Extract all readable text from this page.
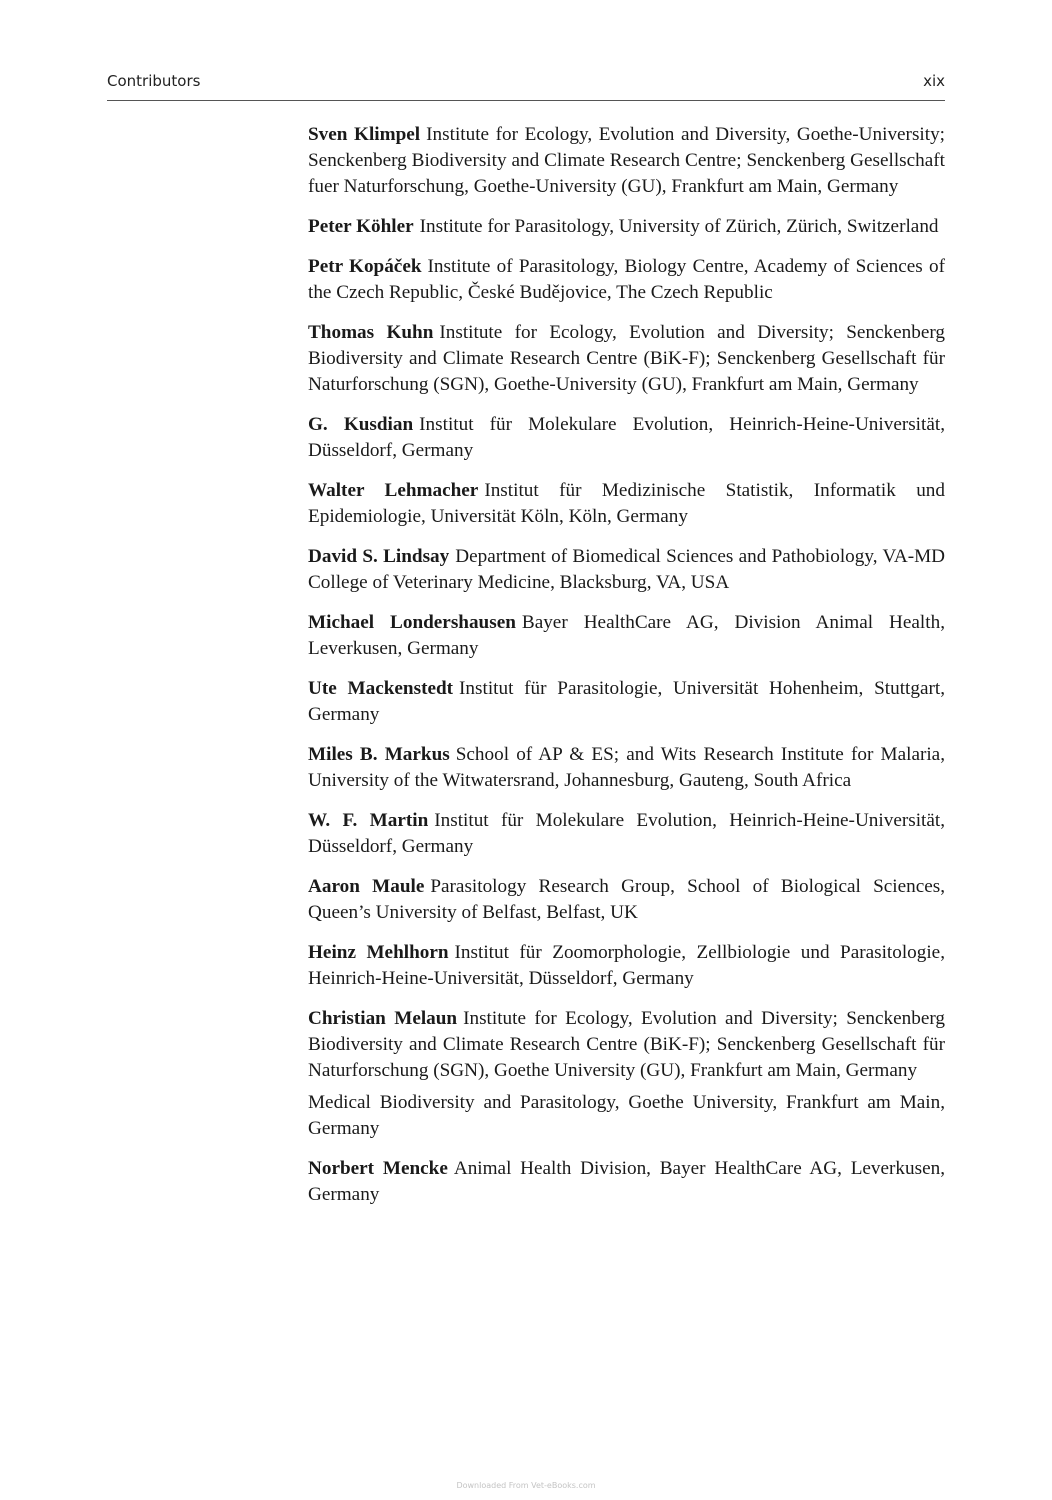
Contributors	xix

Sven Klimpel Institute for Ecology, Evolution and Diversity, Goethe-University; Senckenberg Biodiversity and Climate Research Centre; Senckenberg Gesellschaft fuer Naturforschung, Goethe-University (GU), Frankfurt am Main, Germany

Peter Köhler Institute for Parasitology, University of Zürich, Zürich, Switzerland

Petr Kopáček Institute of Parasitology, Biology Centre, Academy of Sciences of the Czech Republic, České Budějovice, The Czech Republic

Thomas Kuhn Institute for Ecology, Evolution and Diversity; Senckenberg Biodiversity and Climate Research Centre (BiK-F); Senckenberg Gesellschaft für Naturforschung (SGN), Goethe-University (GU), Frankfurt am Main, Germany

G. Kusdian Institut für Molekulare Evolution, Heinrich-Heine-Universität, Düsseldorf, Germany

Walter Lehmacher Institut für Medizinische Statistik, Informatik und Epidemiologie, Universität Köln, Köln, Germany

David S. Lindsay Department of Biomedical Sciences and Pathobiology, VA-MD College of Veterinary Medicine, Blacksburg, VA, USA

Michael Londershausen Bayer HealthCare AG, Division Animal Health, Leverkusen, Germany

Ute Mackenstedt Institut für Parasitologie, Universität Hohenheim, Stuttgart, Germany

Miles B. Markus School of AP & ES; and Wits Research Institute for Malaria, University of the Witwatersrand, Johannesburg, Gauteng, South Africa

W. F. Martin Institut für Molekulare Evolution, Heinrich-Heine-Universität, Düsseldorf, Germany

Aaron Maule Parasitology Research Group, School of Biological Sciences, Queen’s University of Belfast, Belfast, UK

Heinz Mehlhorn Institut für Zoomorphologie, Zellbiologie und Parasitologie, Heinrich-Heine-Universität, Düsseldorf, Germany

Christian Melaun Institute for Ecology, Evolution and Diversity; Senckenberg Biodiversity and Climate Research Centre (BiK-F); Senckenberg Gesellschaft für Naturforschung (SGN), Goethe University (GU), Frankfurt am Main, Germany
Medical Biodiversity and Parasitology, Goethe University, Frankfurt am Main, Germany

Norbert Mencke Animal Health Division, Bayer HealthCare AG, Leverkusen, Germany

Downloaded From Vet-eBooks.com
